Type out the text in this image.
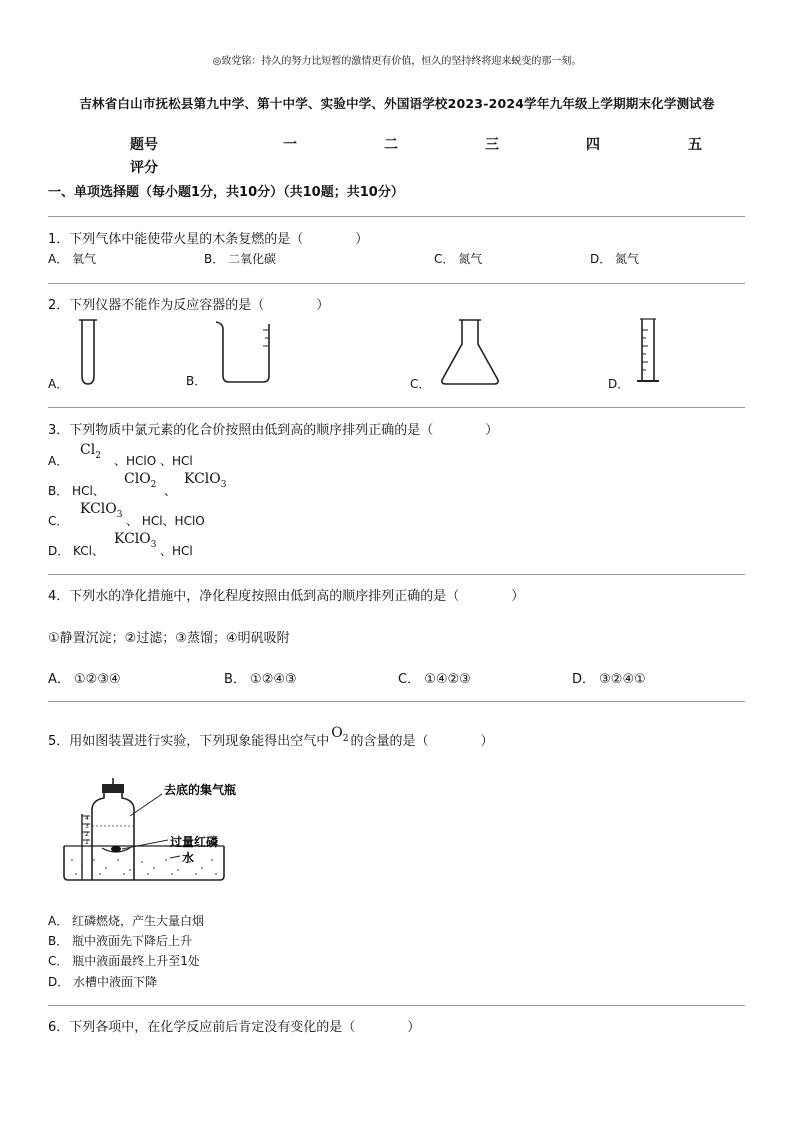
◎致党铭：持久的努力比短暂的激情更有价值，恒久的坚持终将迎来蜕变的那一刻。
吉林省白山市抚松县第九中学、第十中学、实验中学、外国语学校2023-2024学年九年级上学期期末化学测试卷
题号	一	二	三	四	五
评分
一、单项选择题（每小题1分，共10分）（共10题；共10分）
1．下列气体中能使带火星的木条复燃的是（　　　　）
A． 氧气	B． 二氧化碳	C． 氮气	D． 氮气
2．下列仪器不能作为反应容器的是（　　　　）
A．	B．	C．	D．
3．下列物质中氯元素的化合价按照由低到高的顺序排列正确的是（　　　　）
A．
$Cl_2$ 、HClO 、HCl
B． HCl、
ClO$_2$ 、
KClO$_3$
C．
KClO$_3$ 、 HCl、HClO
D． KCl、
KClO$_3$ 、HCl
4．下列水的净化措施中，净化程度按照由低到高的顺序排列正确的是（　　　　）
①静置沉淀；②过滤；③蒸馏；④明矾吸附
A． ①②③④	B． ①②④③	C． ①④②③	D． ③②④①
5．用如图装置进行实验，下列现象能得出空气中$O_2$ 的含量的是（　　　　）
4
3
2
1
去底的集气瓶
过量红磷
水
A． 红磷燃烧，产生大量白烟
B． 瓶中液面先下降后上升
C． 瓶中液面最终上升至1处
D． 水槽中液面下降
6．下列各项中，在化学反应前后肯定没有变化的是（　　　　）
